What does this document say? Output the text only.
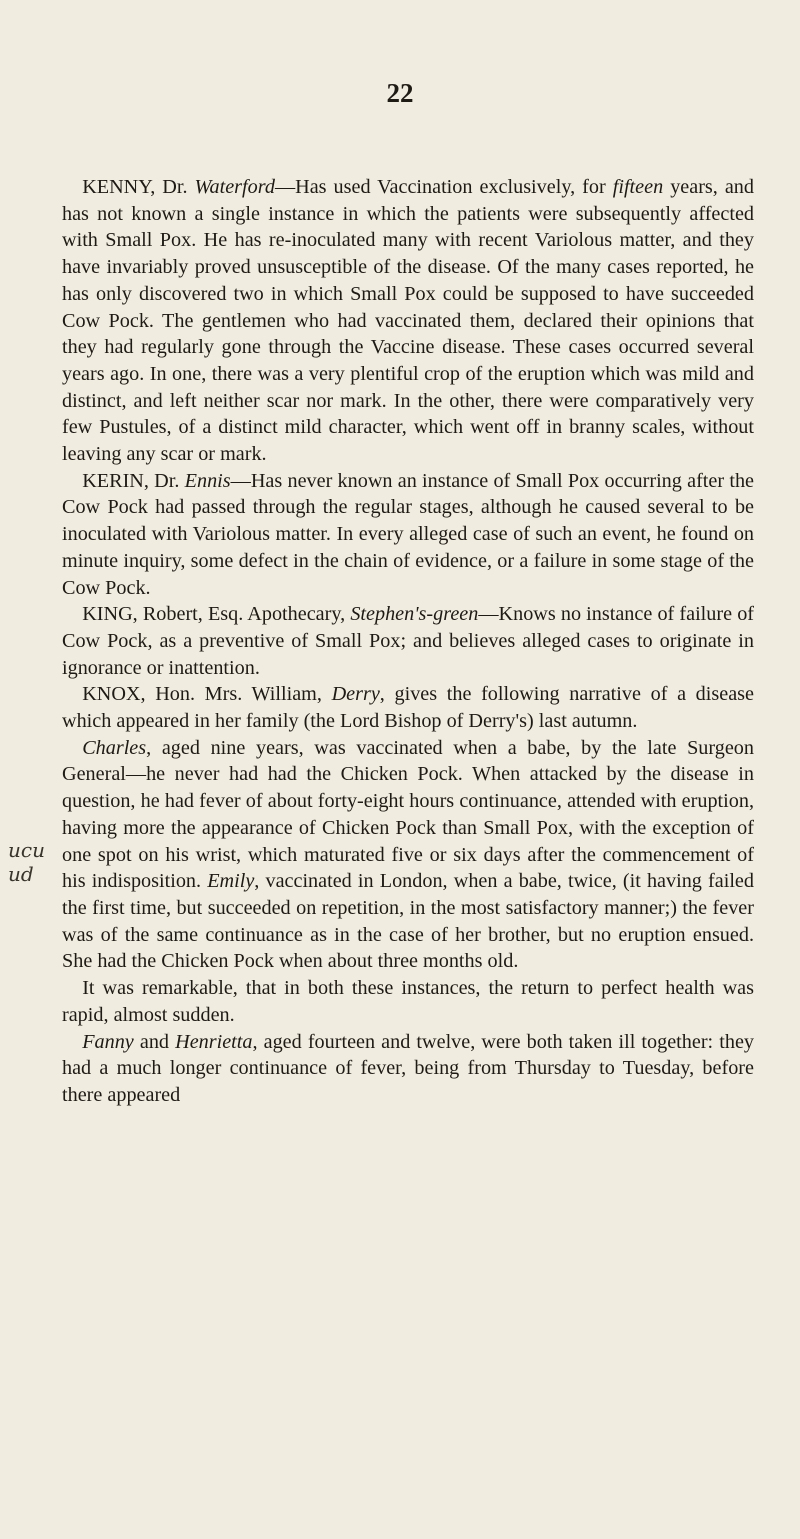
22
ucu
ud

KENNY, Dr. Waterford—Has used Vaccination exclusively, for fifteen years, and has not known a single instance in which the patients were subsequently affected with Small Pox. He has re-inoculated many with recent Variolous matter, and they have invariably proved unsusceptible of the disease. Of the many cases reported, he has only discovered two in which Small Pox could be supposed to have succeeded Cow Pock. The gentlemen who had vaccinated them, declared their opinions that they had regularly gone through the Vaccine disease. These cases occurred several years ago. In one, there was a very plentiful crop of the eruption which was mild and distinct, and left neither scar nor mark. In the other, there were comparatively very few Pustules, of a distinct mild character, which went off in branny scales, without leaving any scar or mark.

KERIN, Dr. Ennis—Has never known an instance of Small Pox occurring after the Cow Pock had passed through the regular stages, although he caused several to be inoculated with Variolous matter. In every alleged case of such an event, he found on minute inquiry, some defect in the chain of evidence, or a failure in some stage of the Cow Pock.

KING, Robert, Esq. Apothecary, Stephen's-green—Knows no instance of failure of Cow Pock, as a preventive of Small Pox; and believes alleged cases to originate in ignorance or inattention.

KNOX, Hon. Mrs. William, Derry, gives the following narrative of a disease which appeared in her family (the Lord Bishop of Derry's) last autumn.

Charles, aged nine years, was vaccinated when a babe, by the late Surgeon General—he never had had the Chicken Pock. When attacked by the disease in question, he had fever of about forty-eight hours continuance, attended with eruption, having more the appearance of Chicken Pock than Small Pox, with the exception of one spot on his wrist, which maturated five or six days after the commencement of his indisposition. Emily, vaccinated in London, when a babe, twice, (it having failed the first time, but succeeded on repetition, in the most satisfactory manner;) the fever was of the same continuance as in the case of her brother, but no eruption ensued. She had the Chicken Pock when about three months old.

It was remarkable, that in both these instances, the return to perfect health was rapid, almost sudden.

Fanny and Henrietta, aged fourteen and twelve, were both taken ill together: they had a much longer continuance of fever, being from Thursday to Tuesday, before there appeared
